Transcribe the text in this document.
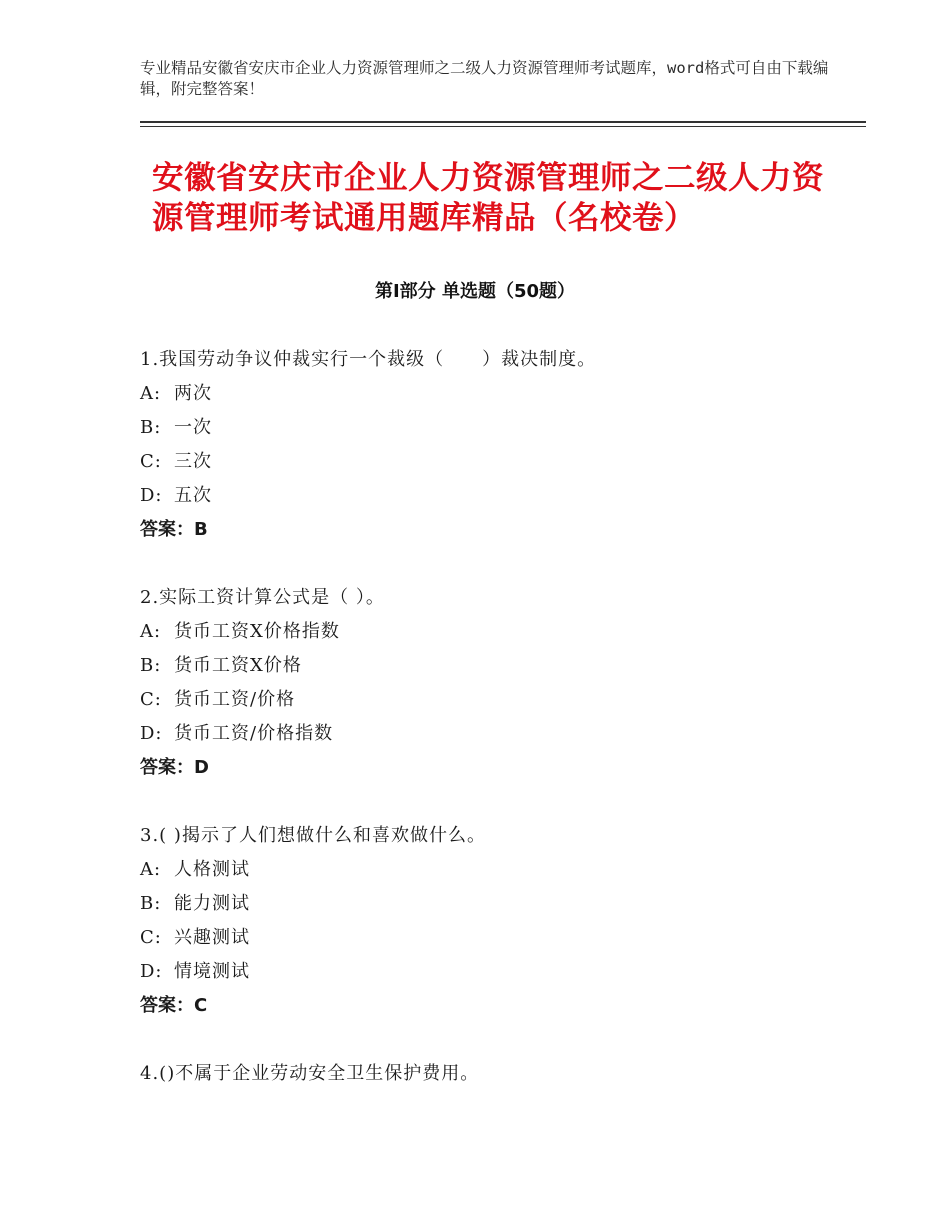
专业精品安徽省安庆市企业人力资源管理师之二级人力资源管理师考试题库，word格式可自由下载编辑，附完整答案！
安徽省安庆市企业人力资源管理师之二级人力资源管理师考试通用题库精品（名校卷）
第Ⅰ部分 单选题（50题）
1.我国劳动争议仲裁实行一个裁级（　　）裁决制度。
A: 两次
B: 一次
C: 三次
D: 五次
答案：B
2.实际工资计算公式是（ ）。
A: 货币工资X价格指数
B: 货币工资X价格
C: 货币工资/价格
D: 货币工资/价格指数
答案：D
3.( )揭示了人们想做什么和喜欢做什么。
A: 人格测试
B: 能力测试
C: 兴趣测试
D: 情境测试
答案：C
4.()不属于企业劳动安全卫生保护费用。
